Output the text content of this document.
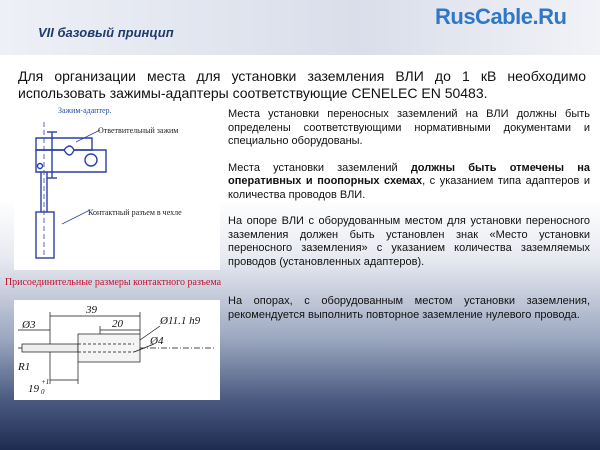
VII базовый принцип
RusCable.Ru
Для организации места для установки заземления ВЛИ до 1 кВ необходимо использовать зажимы-адаптеры соответствующие CENELEC EN 50483.
Зажим-адаптер.
Ответвительный зажим
Контактный разъем в чехле
Присоединительные размеры контактного разъема
Ø3
39
20	Ø11.1 h9
Ø4
R1
19
+1
0

Места установки переносных заземлений на ВЛИ должны быть определены соответствующими нормативными документами и специально оборудованы.

Места установки заземлений должны быть отмечены на оперативных и поопорных схемах, с указанием типа адаптеров и количества проводов ВЛИ.

На опоре ВЛИ с оборудованным местом для установки переносного заземления должен быть установлен знак «Место установки переносного заземления» с указанием количества заземляемых проводов (установленных адаптеров).

На опорах, с оборудованным местом установки заземления, рекомендуется выполнить повторное заземление нулевого провода.
